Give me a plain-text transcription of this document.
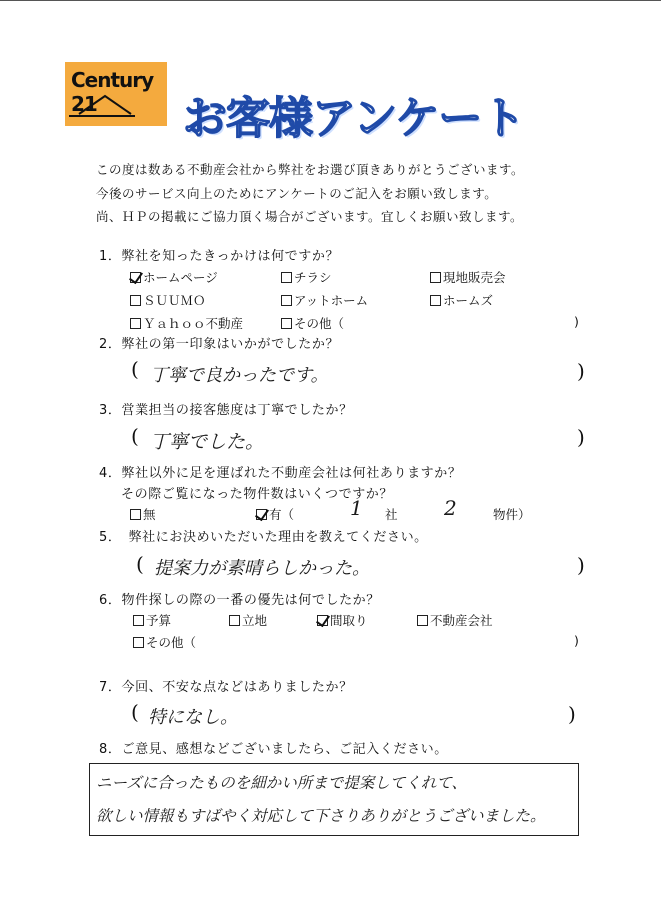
Century 21	お客様アンケート
この度は数ある不動産会社から弊社をお選び頂きありがとうございます。
今後のサービス向上のためにアンケートのご記入をお願い致します。
尚、ＨＰの掲載にご協力頂く場合がございます。宜しくお願い致します。
1．弊社を知ったきっかけは何ですか？
ホームページ	チラシ	現地販売会
ＳＵＵＭＯ	アットホーム	ホームズ
Ｙａｈｏｏ不動産	その他（	)
2．弊社の第一印象はいかがでしたか？
( 丁寧で良かったです。	)
3．営業担当の接客態度は丁寧でしたか？
( 丁寧でした。	)
4．弊社以外に足を運ばれた不動産会社は何社ありますか？
その際ご覧になった物件数はいくつですか？
無	有（	1 社 2	物件）
5．　弊社にお決めいただいた理由を教えてください。
( 提案力が素晴らしかった。	)
6．物件探しの際の一番の優先は何でしたか？
予算	立地	間取り	不動産会社
その他（	)
7．今回、不安な点などはありましたか？
( 特になし。	)
8．ご意見、感想などございましたら、ご記入ください。
ニーズに合ったものを細かい所まで提案してくれて、
欲しい情報もすばやく対応して下さりありがとうございました。
